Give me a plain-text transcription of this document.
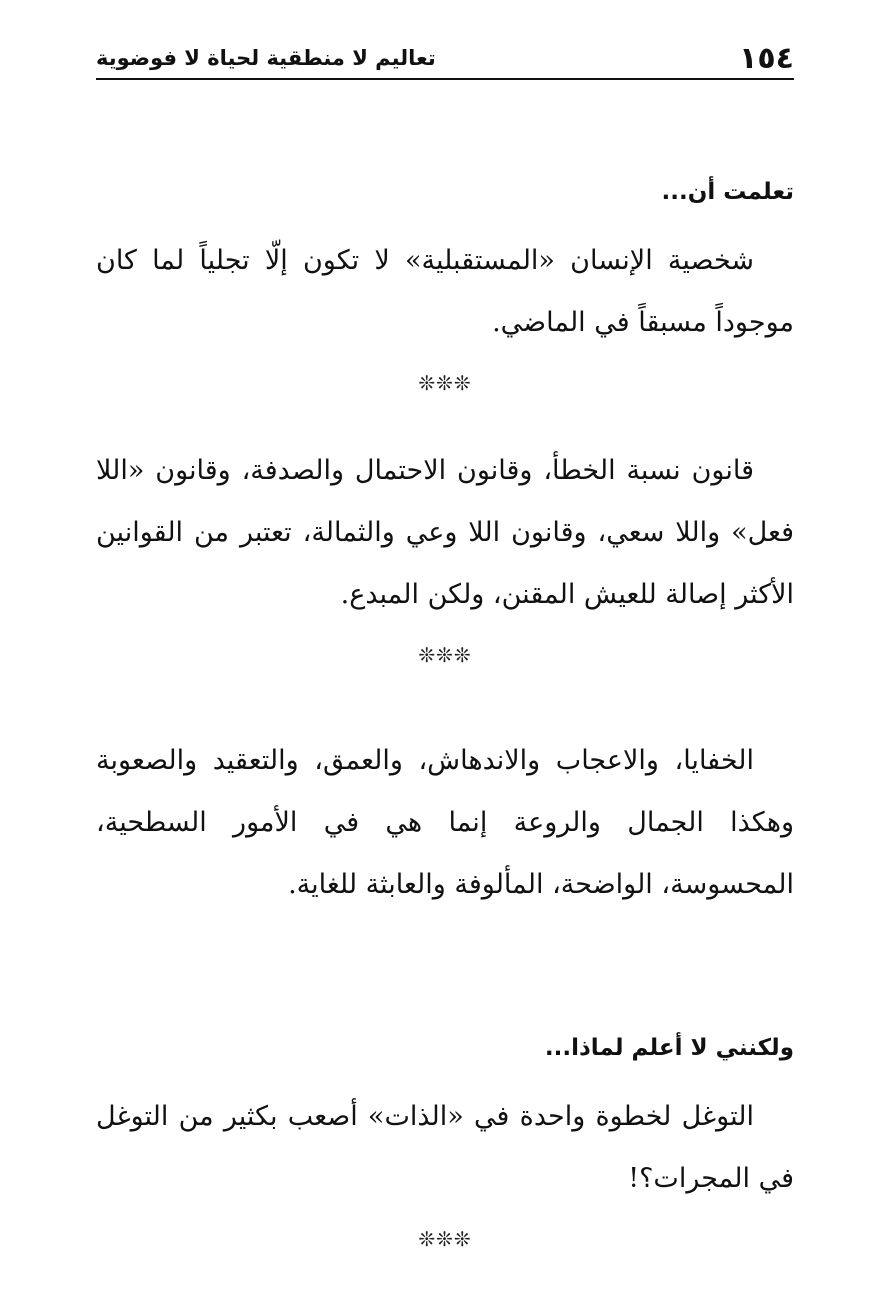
١٥٤
تعاليم لا منطقية لحياة لا فوضوية
تعلمت أن...

شخصية الإنسان «المستقبلية» لا تكون إلّا تجلياً لما كان موجوداً مسبقاً في الماضي.

❊❊❊

قانون نسبة الخطأ، وقانون الاحتمال والصدفة، وقانون «اللا فعل» واللا سعي، وقانون اللا وعي والثمالة، تعتبر من القوانين الأكثر إصالة للعيش المقنن، ولكن المبدع.

❊❊❊

الخفايا، والاعجاب والاندهاش، والعمق، والتعقيد والصعوبة وهكذا الجمال والروعة إنما هي في الأمور السطحية، المحسوسة، الواضحة، المألوفة والعابثة للغاية.

ولكنني لا أعلم لماذا...

التوغل لخطوة واحدة في «الذات» أصعب بكثير من التوغل في المجرات؟!

❊❊❊
